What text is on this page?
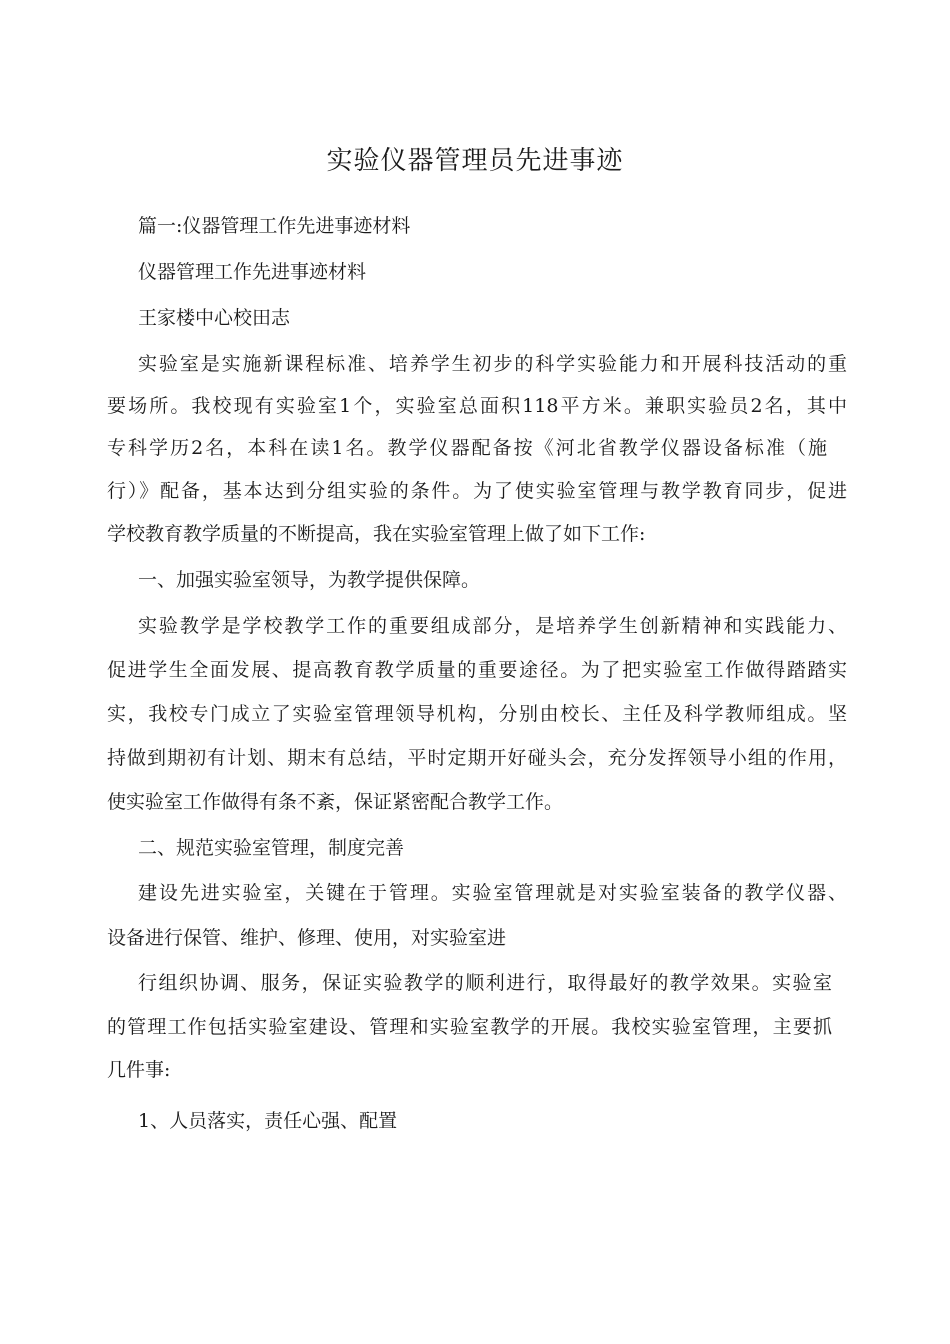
实验仪器管理员先进事迹

篇一:仪器管理工作先进事迹材料

仪器管理工作先进事迹材料

王家楼中心校田志

实验室是实施新课程标准、培养学生初步的科学实验能力和开展科技活动的重

要场所。我校现有实验室1个，实验室总面积118平方米。兼职实验员2名，其中

专科学历2名，本科在读1名。教学仪器配备按《河北省教学仪器设备标准（施

行）》配备，基本达到分组实验的条件。为了使实验室管理与教学教育同步，促进

学校教育教学质量的不断提高，我在实验室管理上做了如下工作:

一、加强实验室领导，为教学提供保障。

实验教学是学校教学工作的重要组成部分，是培养学生创新精神和实践能力、

促进学生全面发展、提高教育教学质量的重要途径。为了把实验室工作做得踏踏实

实，我校专门成立了实验室管理领导机构，分别由校长、主任及科学教师组成。坚

持做到期初有计划、期末有总结，平时定期开好碰头会，充分发挥领导小组的作用，

使实验室工作做得有条不紊，保证紧密配合教学工作。

二、规范实验室管理，制度完善

建设先进实验室，关键在于管理。实验室管理就是对实验室装备的教学仪器、

设备进行保管、维护、修理、使用，对实验室进

行组织协调、服务，保证实验教学的顺利进行，取得最好的教学效果。实验室

的管理工作包括实验室建设、管理和实验室教学的开展。我校实验室管理，主要抓

几件事:

1、人员落实，责任心强、配置
